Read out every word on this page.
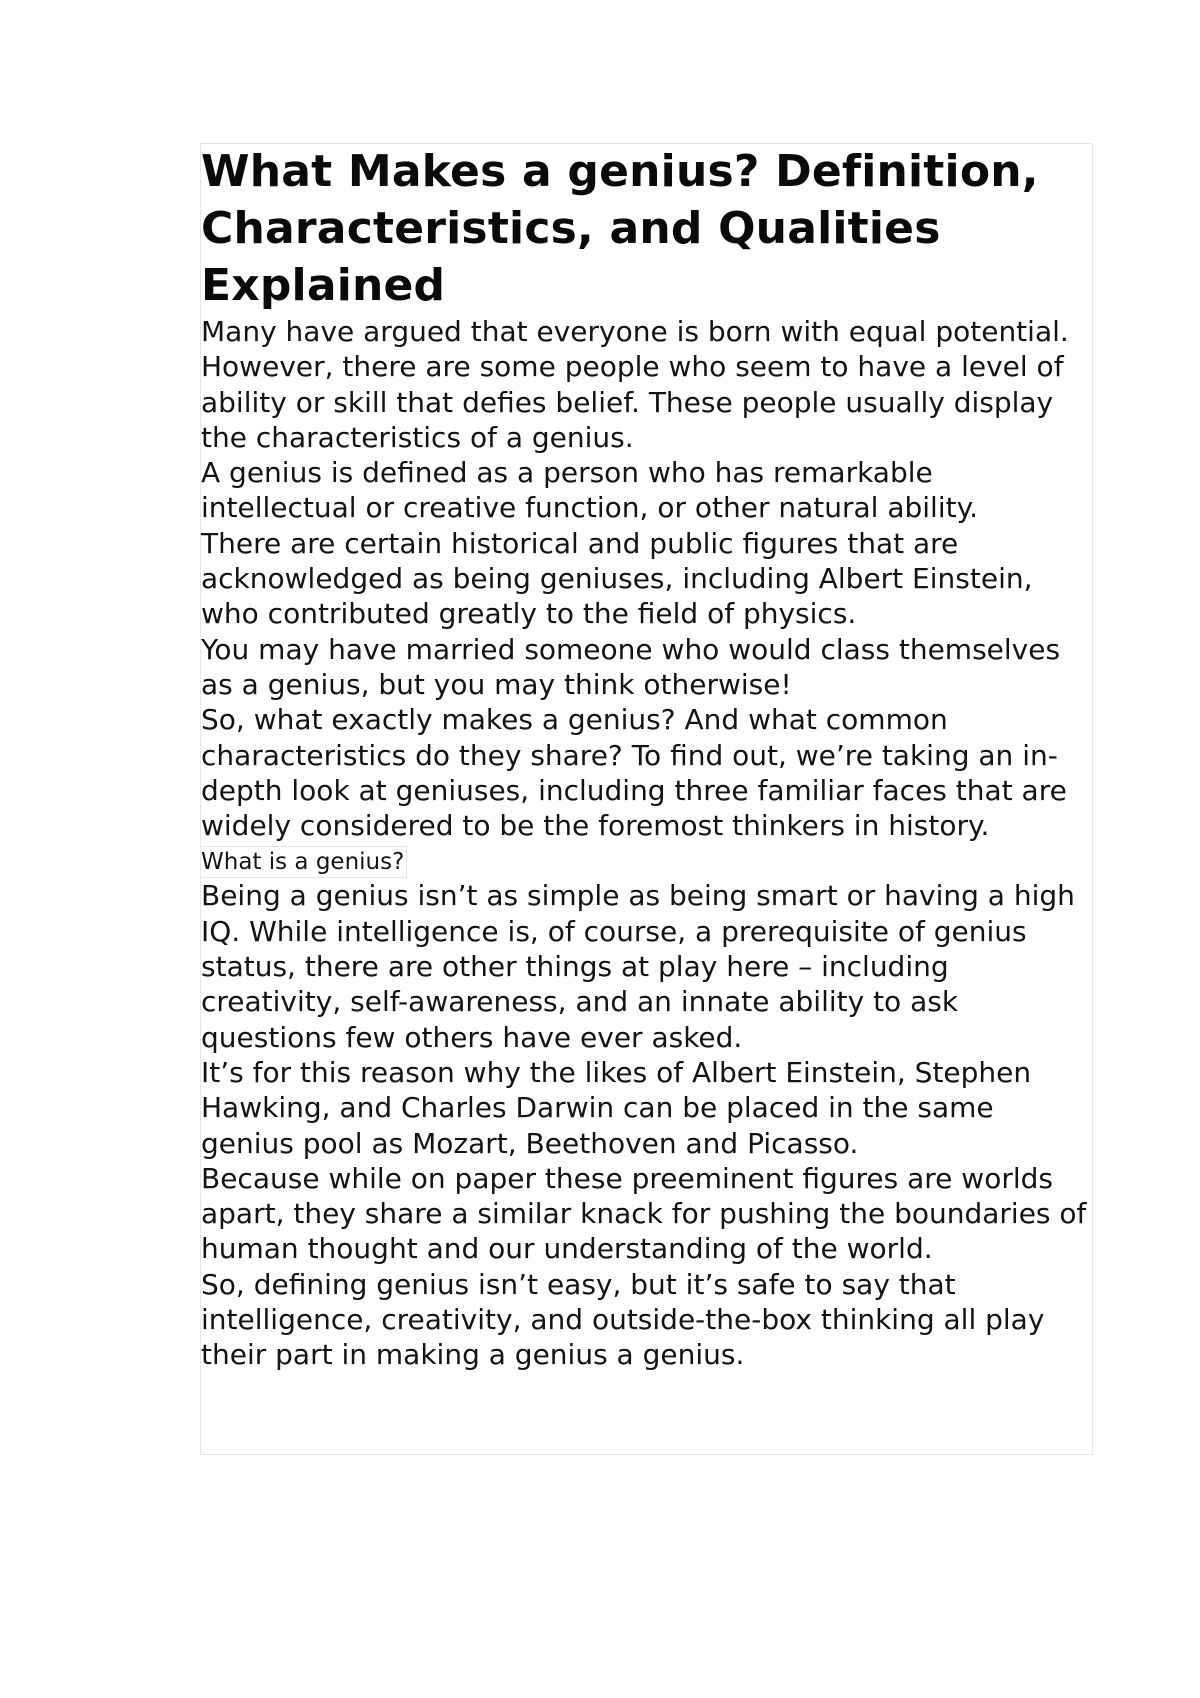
What Makes a genius? Definition, Characteristics, and Qualities Explained

Many have argued that everyone is born with equal potential. However, there are some people who seem to have a level of ability or skill that defies belief. These people usually display the characteristics of a genius.

A genius is defined as a person who has remarkable intellectual or creative function, or other natural ability.

There are certain historical and public figures that are acknowledged as being geniuses, including Albert Einstein, who contributed greatly to the field of physics.

You may have married someone who would class themselves as a genius, but you may think otherwise!

So, what exactly makes a genius? And what common characteristics do they share? To find out, we’re taking an in-depth look at geniuses, including three familiar faces that are widely considered to be the foremost thinkers in history.

What is a genius?

Being a genius isn’t as simple as being smart or having a high IQ. While intelligence is, of course, a prerequisite of genius status, there are other things at play here – including creativity, self-awareness, and an innate ability to ask questions few others have ever asked.

It’s for this reason why the likes of Albert Einstein, Stephen Hawking, and Charles Darwin can be placed in the same genius pool as Mozart, Beethoven and Picasso.

Because while on paper these preeminent figures are worlds apart, they share a similar knack for pushing the boundaries of human thought and our understanding of the world.

So, defining genius isn’t easy, but it’s safe to say that intelligence, creativity, and outside-the-box thinking all play their part in making a genius a genius.
